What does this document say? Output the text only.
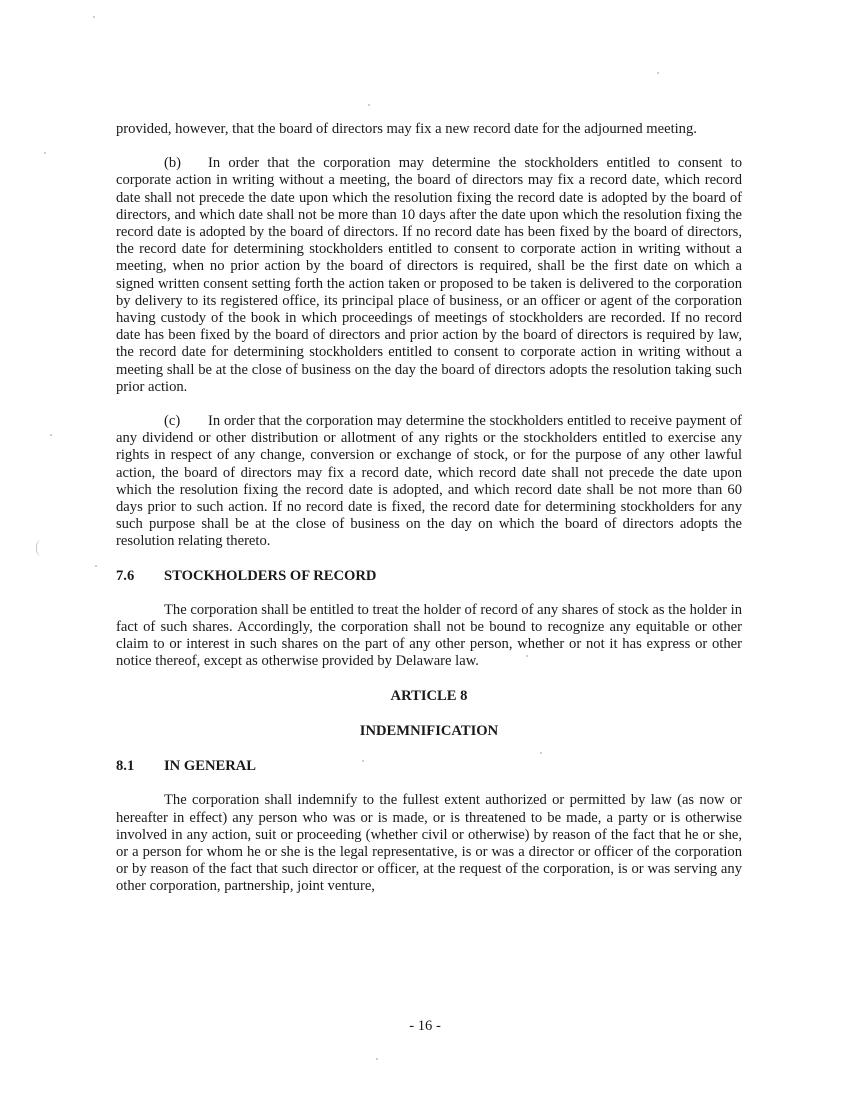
provided, however, that the board of directors may fix a new record date for the adjourned meeting.

(b) In order that the corporation may determine the stockholders entitled to consent to corporate action in writing without a meeting, the board of directors may fix a record date, which record date shall not precede the date upon which the resolution fixing the record date is adopted by the board of directors, and which date shall not be more than 10 days after the date upon which the resolution fixing the record date is adopted by the board of directors. If no record date has been fixed by the board of directors, the record date for determining stockholders entitled to consent to corporate action in writing without a meeting, when no prior action by the board of directors is required, shall be the first date on which a signed written consent setting forth the action taken or proposed to be taken is delivered to the corporation by delivery to its registered office, its principal place of business, or an officer or agent of the corporation having custody of the book in which proceedings of meetings of stockholders are recorded. If no record date has been fixed by the board of directors and prior action by the board of directors is required by law, the record date for determining stockholders entitled to consent to corporate action in writing without a meeting shall be at the close of business on the day the board of directors adopts the resolution taking such prior action.

(c) In order that the corporation may determine the stockholders entitled to receive payment of any dividend or other distribution or allotment of any rights or the stockholders entitled to exercise any rights in respect of any change, conversion or exchange of stock, or for the purpose of any other lawful action, the board of directors may fix a record date, which record date shall not precede the date upon which the resolution fixing the record date is adopted, and which record date shall be not more than 60 days prior to such action. If no record date is fixed, the record date for determining stockholders for any such purpose shall be at the close of business on the day on which the board of directors adopts the resolution relating thereto.

7.6	STOCKHOLDERS OF RECORD

The corporation shall be entitled to treat the holder of record of any shares of stock as the holder in fact of such shares. Accordingly, the corporation shall not be bound to recognize any equitable or other claim to or interest in such shares on the part of any other person, whether or not it has express or other notice thereof, except as otherwise provided by Delaware law.

ARTICLE 8
INDEMNIFICATION
8.1	IN GENERAL

The corporation shall indemnify to the fullest extent authorized or permitted by law (as now or hereafter in effect) any person who was or is made, or is threatened to be made, a party or is otherwise involved in any action, suit or proceeding (whether civil or otherwise) by reason of the fact that he or she, or a person for whom he or she is the legal representative, is or was a director or officer of the corporation or by reason of the fact that such director or officer, at the request of the corporation, is or was serving any other corporation, partnership, joint venture,

- 16 -
